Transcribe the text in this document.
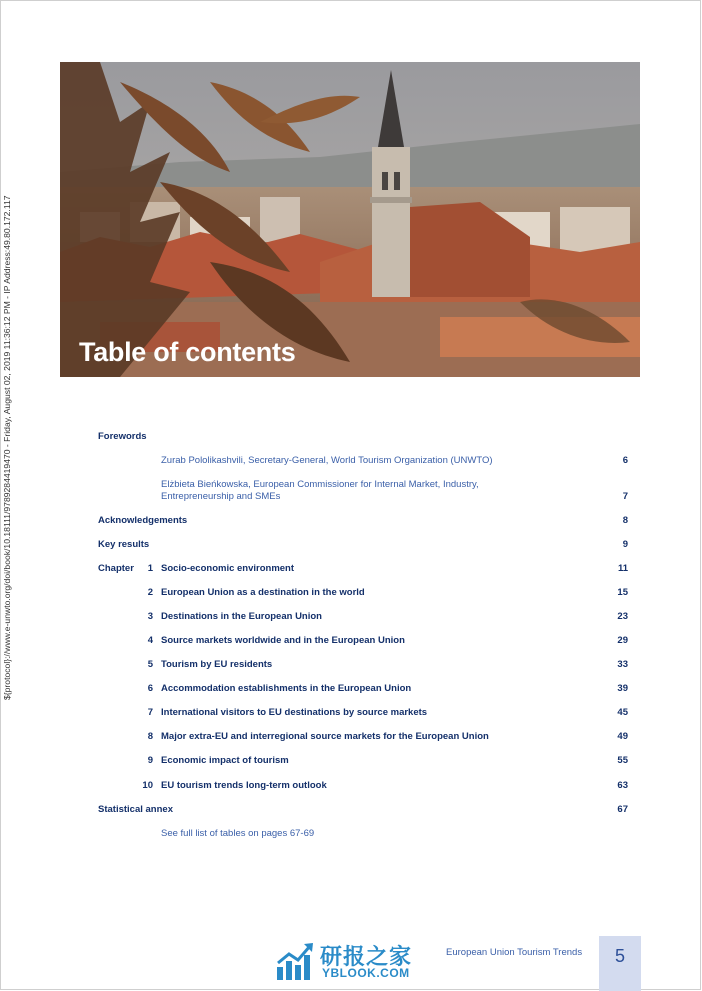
${protocol}://www.e-unwto.org/doi/book/10.18111/9789284419470 - Friday, August 02, 2019 11:36:12 PM - IP Address:49.80.172.117 Table of contents
Forewords
Zurab Pololikashvili, Secretary-General, World Tourism Organization (UNWTO)	6
Elżbieta Bieńkowska, European Commissioner for Internal Market, Industry,
Entrepreneurship and SMEs	7
Acknowledgements	8
Key results	9
Chapter	1 Socio-economic environment	11
2 European Union as a destination in the world	15
3 Destinations in the European Union	23
4 Source markets worldwide and in the European Union	29
5 Tourism by EU residents	33
6 Accommodation establishments in the European Union	39
7 International visitors to EU destinations by source markets	45
8 Major extra-EU and interregional source markets for the European Union	49
9 Economic impact of tourism	55
10 EU tourism trends long-term outlook	63
Statistical annex	67
See full list of tables on pages 67-69
研报之家
YBLOOK.COM
European Union Tourism Trends	5
